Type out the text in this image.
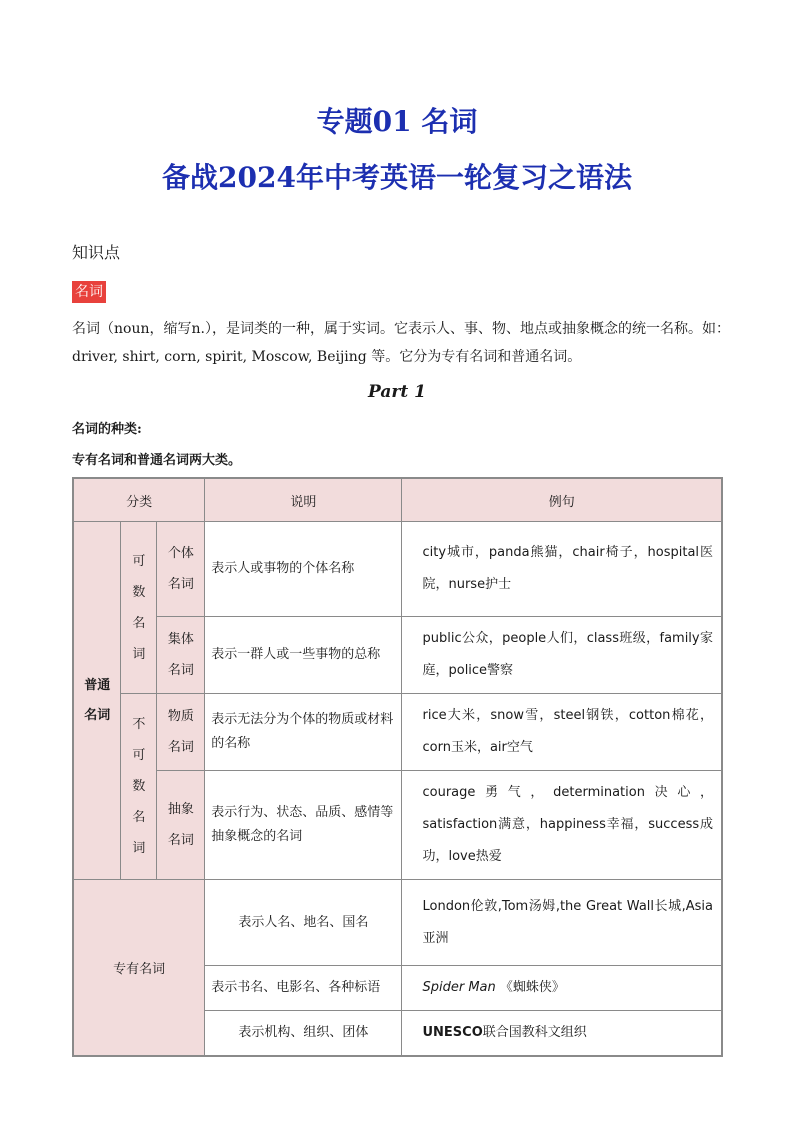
专题01 名词
备战2024年中考英语一轮复习之语法
知识点
名词
名词（noun，缩写n.），是词类的一种，属于实词。它表示人、事、物、地点或抽象概念的统一名称。如：driver, shirt, corn, spirit, Moscow, Beijing 等。它分为专有名词和普通名词。
Part 1
名词的种类:
专有名词和普通名词两大类。
分类			说明	例句
普通名词	可数名词	个体名词	表示人或事物的个体名称	city城市，panda熊猫，chair椅子，hospital医院，nurse护士
		集体名词	表示一群人或一些事物的总称	public公众，people人们，class班级，family家庭，police警察
	不可数名词	物质名词	表示无法分为个体的物质或材料的名称	rice大米，snow雪，steel钢铁，cotton棉花，corn玉米，air空气
		抽象名词	表示行为、状态、品质、感情等抽象概念的名词	courage勇气，determination决心，satisfaction满意，happiness幸福，success成功，love热爱
专有名词			表示人名、地名、国名	London伦敦,Tom汤姆,the Great Wall长城,Asia亚洲
			表示书名、电影名、各种标语	Spider Man 《蜘蛛侠》
			表示机构、组织、团体	UNESCO联合国教科文组织
